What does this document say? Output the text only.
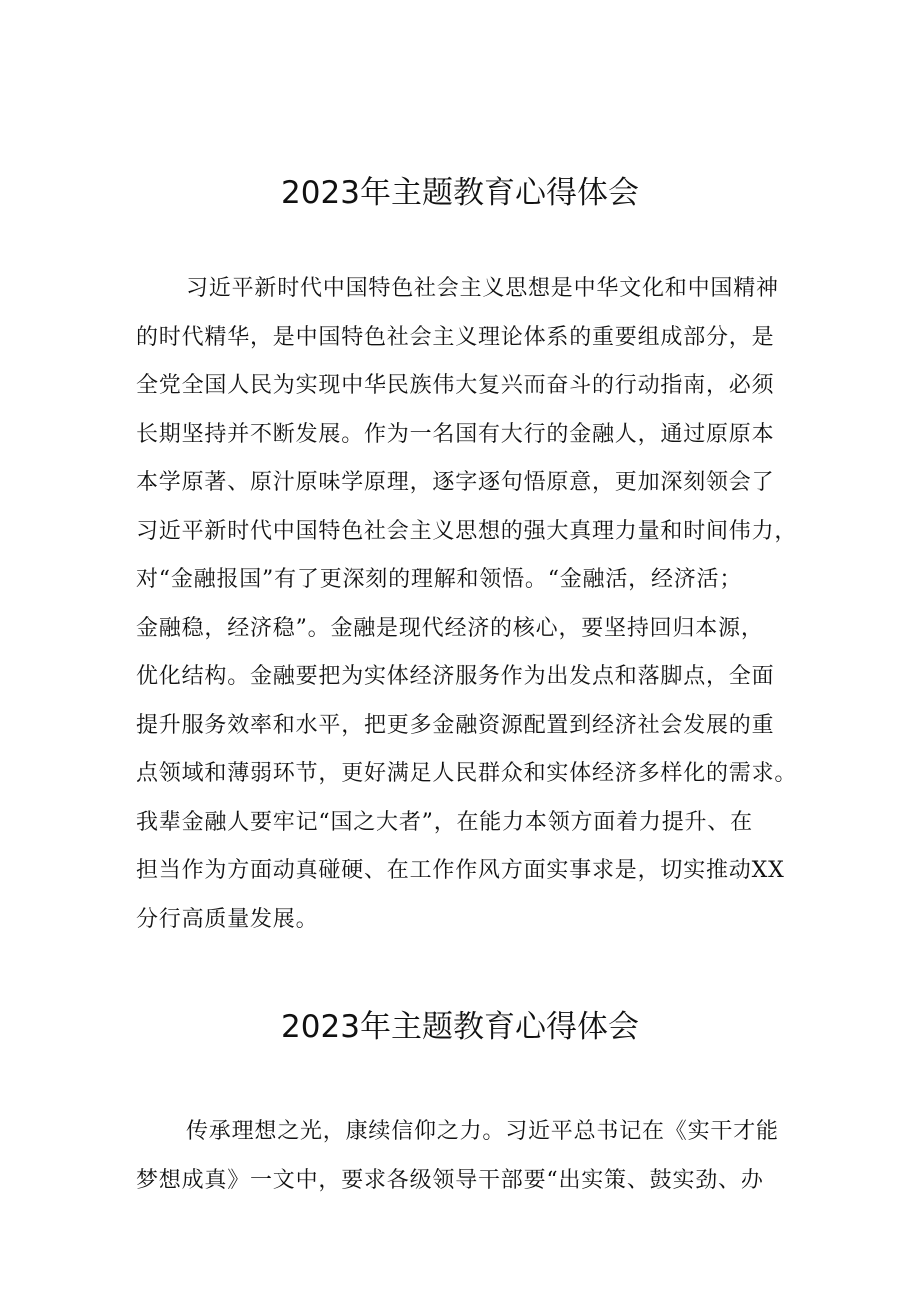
2023年主题教育心得体会
习近平新时代中国特色社会主义思想是中华文化和中国精神
的时代精华，是中国特色社会主义理论体系的重要组成部分，是
全党全国人民为实现中华民族伟大复兴而奋斗的行动指南，必须
长期坚持并不断发展。作为一名国有大行的金融人，通过原原本
本学原著、原汁原味学原理，逐字逐句悟原意，更加深刻领会了
习近平新时代中国特色社会主义思想的强大真理力量和时间伟力，
对“金融报国”有了更深刻的理解和领悟。“金融活，经济活；
金融稳，经济稳”。金融是现代经济的核心，要坚持回归本源，
优化结构。金融要把为实体经济服务作为出发点和落脚点，全面
提升服务效率和水平，把更多金融资源配置到经济社会发展的重
点领域和薄弱环节，更好满足人民群众和实体经济多样化的需求。
我辈金融人要牢记“国之大者”，在能力本领方面着力提升、在
担当作为方面动真碰硬、在工作作风方面实事求是，切实推动XX
分行高质量发展。
2023年主题教育心得体会
传承理想之光，康续信仰之力。习近平总书记在《实干才能
梦想成真》一文中，要求各级领导干部要“出实策、鼓实劲、办
